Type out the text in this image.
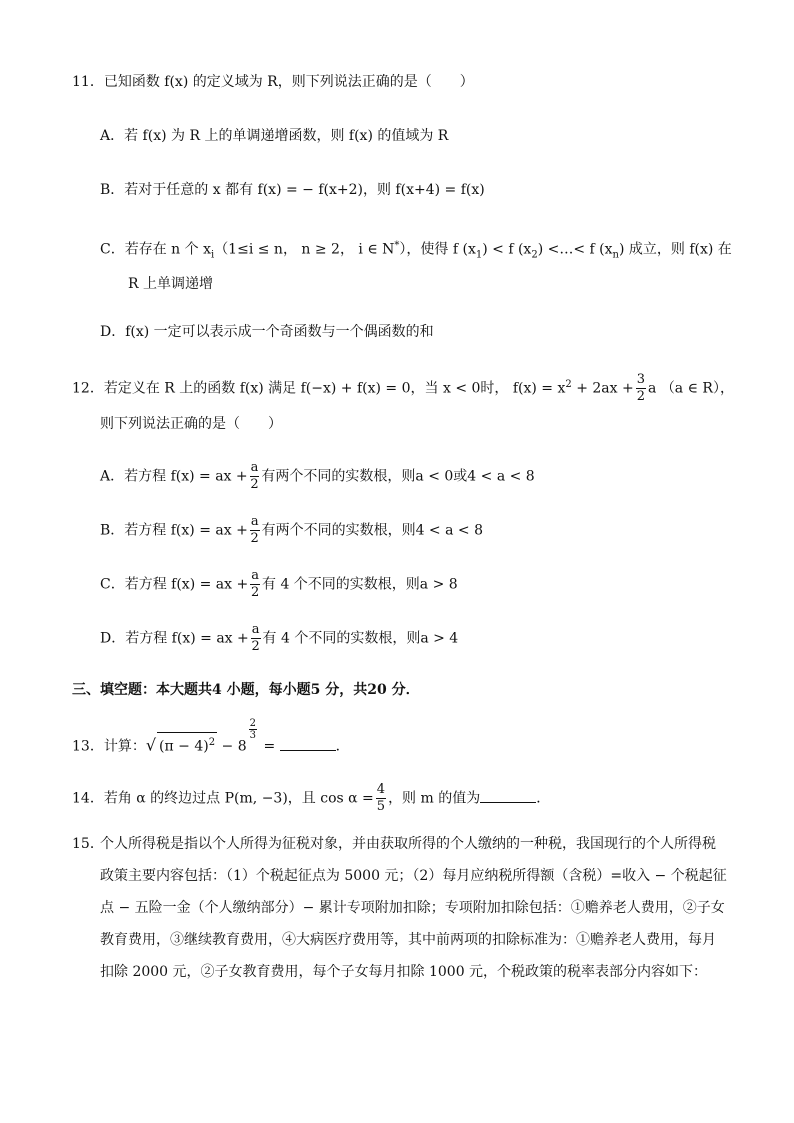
11．已知函数 f(x) 的定义域为 R，则下列说法正确的是（　　）
A．若 f(x) 为 R 上的单调递增函数，则 f(x) 的值域为 R
B．若对于任意的 x 都有 f(x) = − f(x+2)，则 f(x+4) = f(x)
C．若存在 n 个 $x_i(1\le i \le n$， n ≥ 2， i ∈ N*），使得 f $(x_1) < f$ $(x_2)$ <…< f $(x_n)$ 成立，则 f(x) 在
R 上单调递增
D．f(x) 一定可以表示成一个奇函数与一个偶函数的和
12．若定义在 R 上的函数 f(x) 满足 f(−x) + f(x) = 0，当 x < 0时， $f(x) = x^2 + 2ax + \frac{3}{2}$ a （a ∈ R），
则下列说法正确的是（　　）
A．若方程 f(x) = ax + $\frac{a}{2}$ 有两个不同的实数根，则a < 0或4 < a < 8
B．若方程 f(x) = ax + $\frac{a}{2}$ 有两个不同的实数根，则4 < a < 8
C．若方程 f(x) = ax + $\frac{a}{2}$ 有 4 个不同的实数根，则a > 8
D．若方程 f(x) = ax + $\frac{a}{2}$ 有 4 个不同的实数根，则a > 4
三、填空题：本大题共4 小题，每小题5 分，共20 分．
13．计算：√ $(\pi - 4)^2 - 8$
$\frac{2}{3}$
=	．
14．若角 α 的终边过点 P(m, −3)，且 $\cos \alpha = \frac{4}{5}$ ，则 m 的值为	．
15．
个人所得税是指以个人所得为征税对象，并由获取所得的个人缴纳的一种税，我国现行的个人所得税
政策主要内容包括：（1）个税起征点为 5000 元；（2）每月应纳税所得额（含税）=收入 − 个税起征
点 − 五险一金（个人缴纳部分）− 累计专项附加扣除；专项附加扣除包括：①赡养老人费用，②子女
教育费用，③继续教育费用，④大病医疗费用等，其中前两项的扣除标准为：①赡养老人费用，每月
扣除 2000 元，②子女教育费用，每个子女每月扣除 1000 元，个税政策的税率表部分内容如下：
